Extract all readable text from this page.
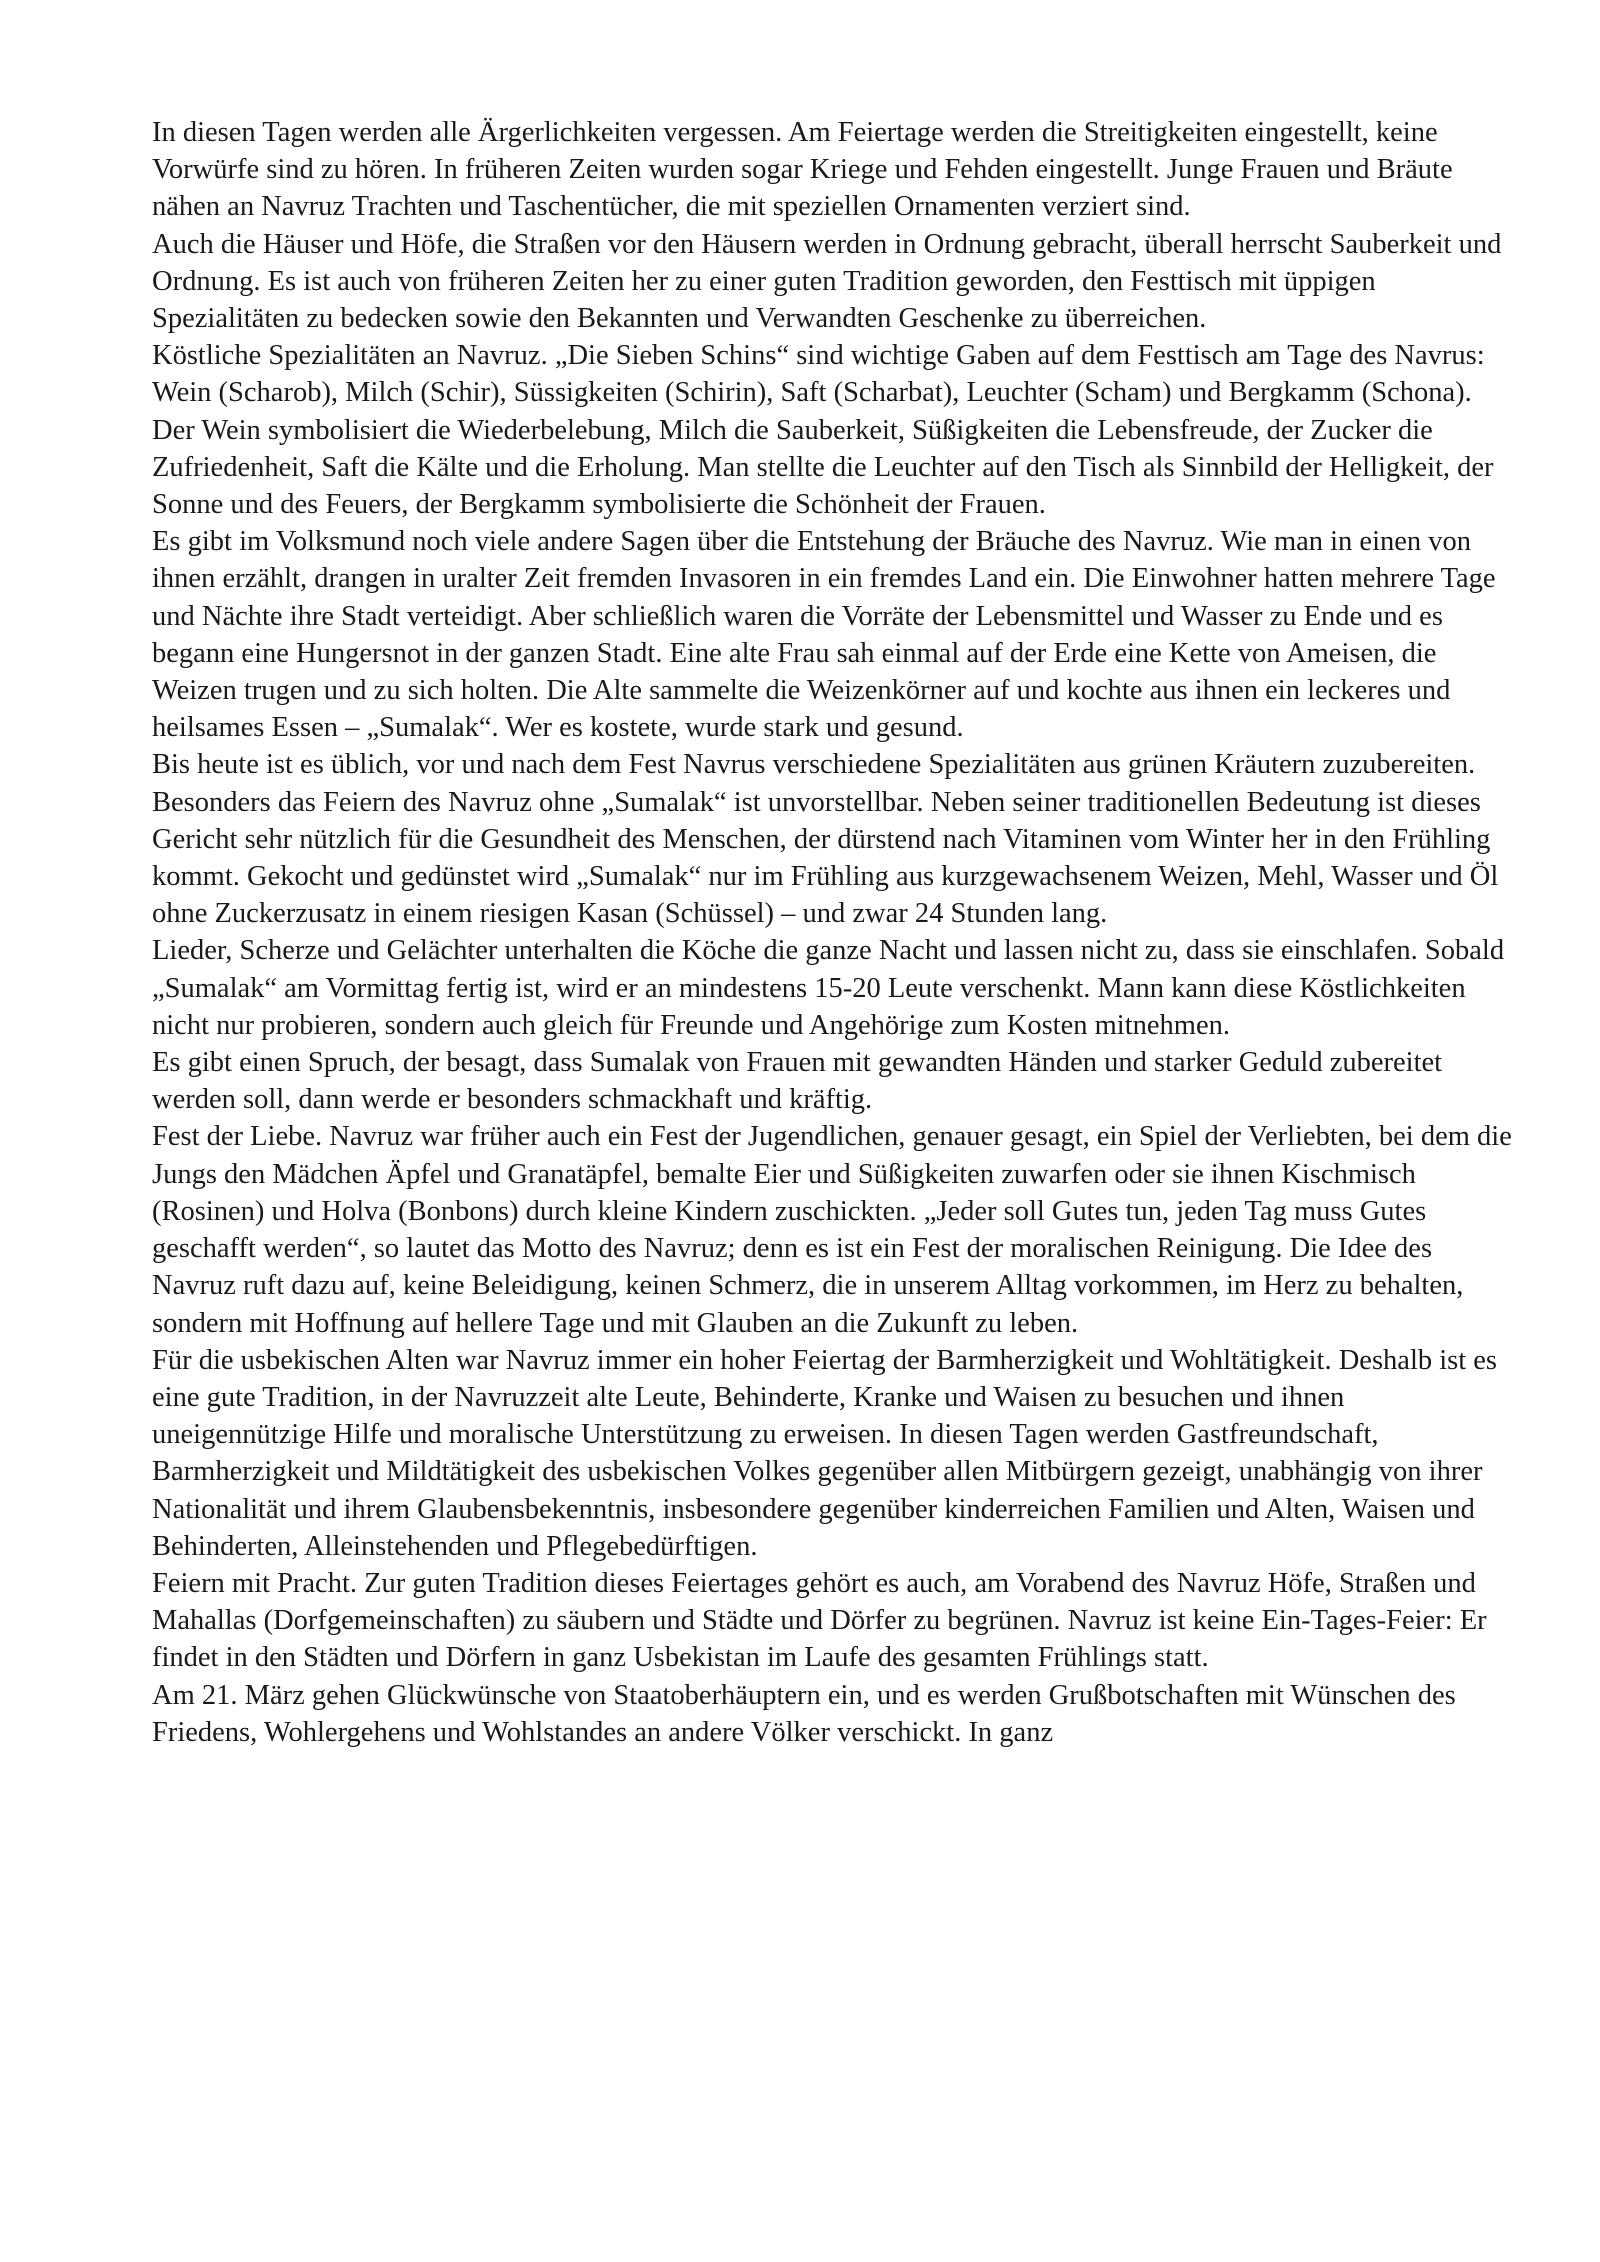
In diesen Tagen werden alle Ärgerlichkeiten vergessen. Am Feiertage werden die Streitigkeiten eingestellt, keine Vorwürfe sind zu hören. In früheren Zeiten wurden sogar Kriege und Fehden eingestellt. Junge Frauen und Bräute nähen an Navruz Trachten und Taschentücher, die mit speziellen Ornamenten verziert sind.

Auch die Häuser und Höfe, die Straßen vor den Häusern werden in Ordnung gebracht, überall herrscht Sauberkeit und Ordnung. Es ist auch von früheren Zeiten her zu einer guten Tradition geworden, den Festtisch mit üppigen Spezialitäten zu bedecken sowie den Bekannten und Verwandten Geschenke zu überreichen.

Köstliche Spezialitäten an Navruz. „Die Sieben Schins“ sind wichtige Gaben auf dem Festtisch am Tage des Navrus: Wein (Scharob), Milch (Schir), Süssigkeiten (Schirin), Saft (Scharbat), Leuchter (Scham) und Bergkamm (Schona). Der Wein symbolisiert die Wiederbelebung, Milch die Sauberkeit, Süßigkeiten die Lebensfreude, der Zucker die Zufriedenheit, Saft die Kälte und die Erholung. Man stellte die Leuchter auf den Tisch als Sinnbild der Helligkeit, der Sonne und des Feuers, der Bergkamm symbolisierte die Schönheit der Frauen.

Es gibt im Volksmund noch viele andere Sagen über die Entstehung der Bräuche des Navruz. Wie man in einen von ihnen erzählt, drangen in uralter Zeit fremden Invasoren in ein fremdes Land ein. Die Einwohner hatten mehrere Tage und Nächte ihre Stadt verteidigt. Aber schließlich waren die Vorräte der Lebensmittel und Wasser zu Ende und es begann eine Hungersnot in der ganzen Stadt. Eine alte Frau sah einmal auf der Erde eine Kette von Ameisen, die Weizen trugen und zu sich holten. Die Alte sammelte die Weizenkörner auf und kochte aus ihnen ein leckeres und heilsames Essen – „Sumalak“. Wer es kostete, wurde stark und gesund.

Bis heute ist es üblich, vor und nach dem Fest Navrus verschiedene Spezialitäten aus grünen Kräutern zuzubereiten. Besonders das Feiern des Navruz ohne „Sumalak“ ist unvorstellbar. Neben seiner traditionellen Bedeutung ist dieses Gericht sehr nützlich für die Gesundheit des Menschen, der dürstend nach Vitaminen vom Winter her in den Frühling kommt. Gekocht und gedünstet wird „Sumalak“ nur im Frühling aus kurzgewachsenem Weizen, Mehl, Wasser und Öl ohne Zuckerzusatz in einem riesigen Kasan (Schüssel) – und zwar 24 Stunden lang.

Lieder, Scherze und Gelächter unterhalten die Köche die ganze Nacht und lassen nicht zu, dass sie einschlafen. Sobald „Sumalak“ am Vormittag fertig ist, wird er an mindestens 15-20 Leute verschenkt. Mann kann diese Köstlichkeiten nicht nur probieren, sondern auch gleich für Freunde und Angehörige zum Kosten mitnehmen.

Es gibt einen Spruch, der besagt, dass Sumalak von Frauen mit gewandten Händen und starker Geduld zubereitet werden soll, dann werde er besonders schmackhaft und kräftig.

Fest der Liebe. Navruz war früher auch ein Fest der Jugendlichen, genauer gesagt, ein Spiel der Verliebten, bei dem die Jungs den Mädchen Äpfel und Granatäpfel, bemalte Eier und Süßigkeiten zuwarfen oder sie ihnen Kischmisch (Rosinen) und Holva (Bonbons) durch kleine Kindern zuschickten. „Jeder soll Gutes tun, jeden Tag muss Gutes geschafft werden“, so lautet das Motto des Navruz; denn es ist ein Fest der moralischen Reinigung. Die Idee des Navruz ruft dazu auf, keine Beleidigung, keinen Schmerz, die in unserem Alltag vorkommen, im Herz zu behalten, sondern mit Hoffnung auf hellere Tage und mit Glauben an die Zukunft zu leben.

Für die usbekischen Alten war Navruz immer ein hoher Feiertag der Barmherzigkeit und Wohltätigkeit. Deshalb ist es eine gute Tradition, in der Navruzzeit alte Leute, Behinderte, Kranke und Waisen zu besuchen und ihnen uneigennützige Hilfe und moralische Unterstützung zu erweisen. In diesen Tagen werden Gastfreundschaft, Barmherzigkeit und Mildtätigkeit des usbekischen Volkes gegenüber allen Mitbürgern gezeigt, unabhängig von ihrer Nationalität und ihrem Glaubensbekenntnis, insbesondere gegenüber kinderreichen Familien und Alten, Waisen und Behinderten, Alleinstehenden und Pflegebedürftigen.

Feiern mit Pracht. Zur guten Tradition dieses Feiertages gehört es auch, am Vorabend des Navruz Höfe, Straßen und Mahallas (Dorfgemeinschaften) zu säubern und Städte und Dörfer zu begrünen. Navruz ist keine Ein-Tages-Feier: Er findet in den Städten und Dörfern in ganz Usbekistan im Laufe des gesamten Frühlings statt.

Am 21. März gehen Glückwünsche von Staatoberhäuptern ein, und es werden Grußbotschaften mit Wünschen des Friedens, Wohlergehens und Wohlstandes an andere Völker verschickt. In ganz
